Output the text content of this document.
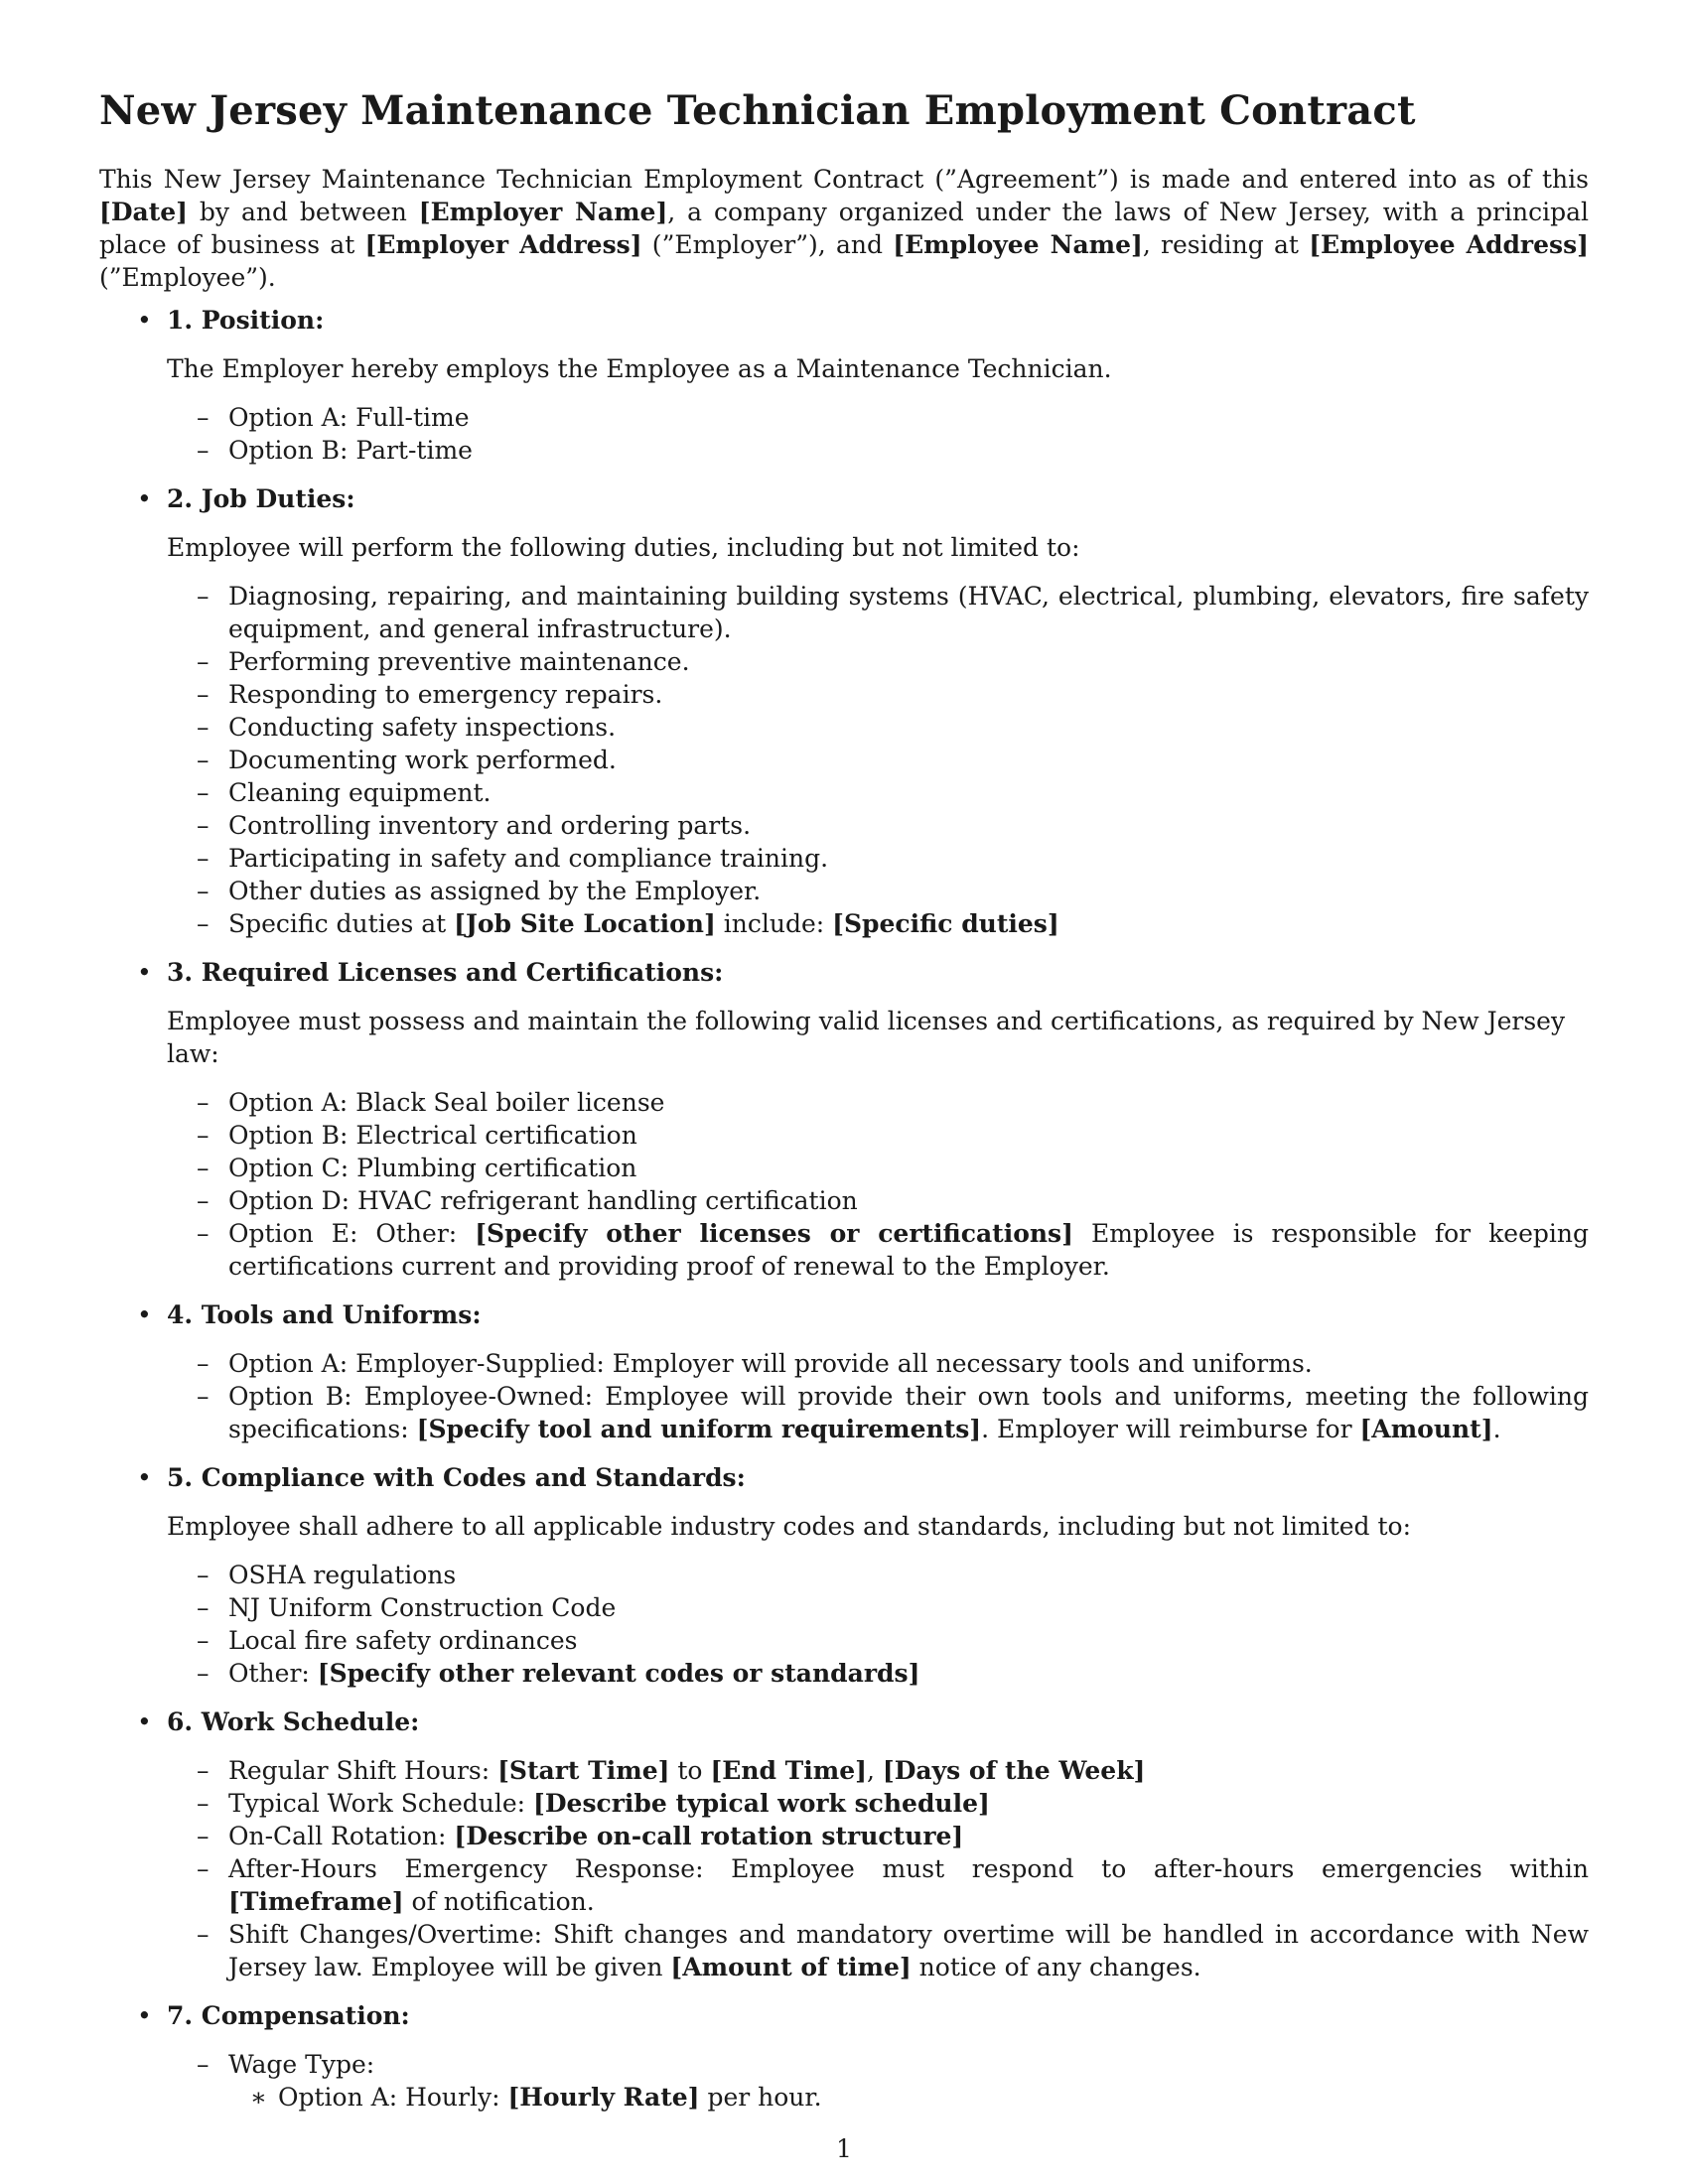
New Jersey Maintenance Technician Employment Contract

This New Jersey Maintenance Technician Employment Contract (”Agreement”) is made and entered into as of this [Date] by and between [Employer Name], a company organized under the laws of New Jersey, with a principal place of business at [Employer Address] (”Employer”), and [Employee Name], residing at [Employee Address] (”Employee”).

• 1. Position:
The Employer hereby employs the Employee as a Maintenance Technician.
– Option A: Full-time
– Option B: Part-time
• 2. Job Duties:
Employee will perform the following duties, including but not limited to:
– Diagnosing, repairing, and maintaining building systems (HVAC, electrical, plumbing, elevators, fire safety equipment, and general infrastructure).
– Performing preventive maintenance.
– Responding to emergency repairs.
– Conducting safety inspections.
– Documenting work performed.
– Cleaning equipment.
– Controlling inventory and ordering parts.
– Participating in safety and compliance training.
– Other duties as assigned by the Employer.
– Specific duties at [Job Site Location] include: [Specific duties]
• 3. Required Licenses and Certifications:
Employee must possess and maintain the following valid licenses and certifications, as required by New Jersey law:
– Option A: Black Seal boiler license
– Option B: Electrical certification
– Option C: Plumbing certification
– Option D: HVAC refrigerant handling certification
– Option E: Other: [Specify other licenses or certifications] Employee is responsible for keeping certifications current and providing proof of renewal to the Employer.
• 4. Tools and Uniforms:
– Option A: Employer-Supplied: Employer will provide all necessary tools and uniforms.
– Option B: Employee-Owned: Employee will provide their own tools and uniforms, meeting the following specifications: [Specify tool and uniform requirements]. Employer will reimburse for [Amount].
• 5. Compliance with Codes and Standards:
Employee shall adhere to all applicable industry codes and standards, including but not limited to:
– OSHA regulations
– NJ Uniform Construction Code
– Local fire safety ordinances
– Other: [Specify other relevant codes or standards]
• 6. Work Schedule:
– Regular Shift Hours: [Start Time] to [End Time], [Days of the Week]
– Typical Work Schedule: [Describe typical work schedule]
– On-Call Rotation: [Describe on-call rotation structure]
– After-Hours Emergency Response: Employee must respond to after-hours emergencies within [Timeframe] of notification.
– Shift Changes/Overtime: Shift changes and mandatory overtime will be handled in accordance with New Jersey law. Employee will be given [Amount of time] notice of any changes.
• 7. Compensation:
– Wage Type:
∗ Option A: Hourly: [Hourly Rate] per hour.
1
